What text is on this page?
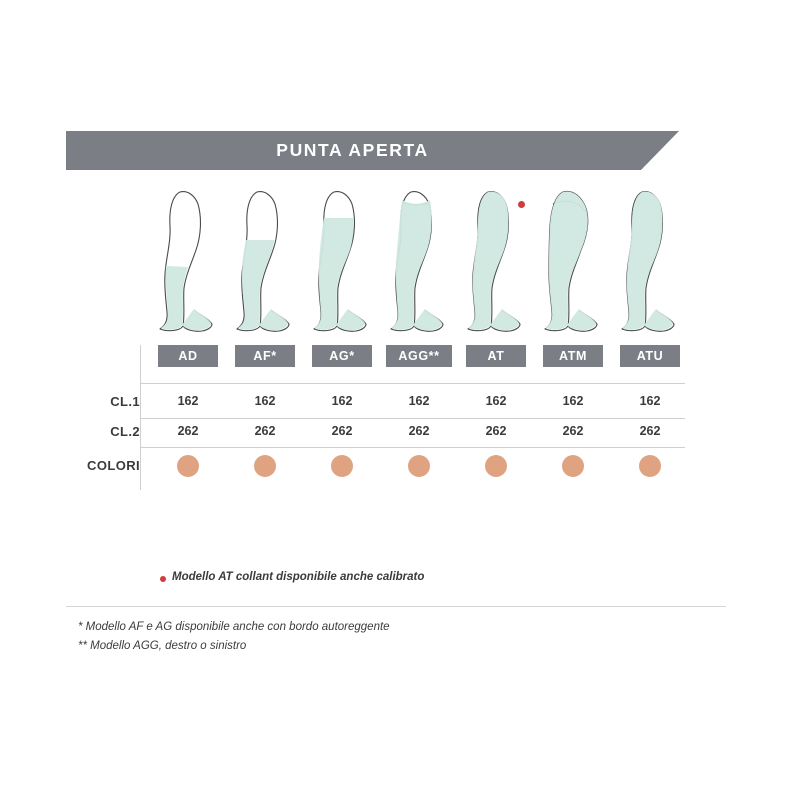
PUNTA APERTA
AD	AF*	AG*	AGG**	AT	ATM	ATU
CL.1	162	162	162	162	162	162	162
CL.2	262	262	262	262	262	262	262
COLORI
Modello AT collant disponibile anche calibrato
* Modello AF e AG disponibile anche con bordo autoreggente
** Modello AGG, destro o sinistro
